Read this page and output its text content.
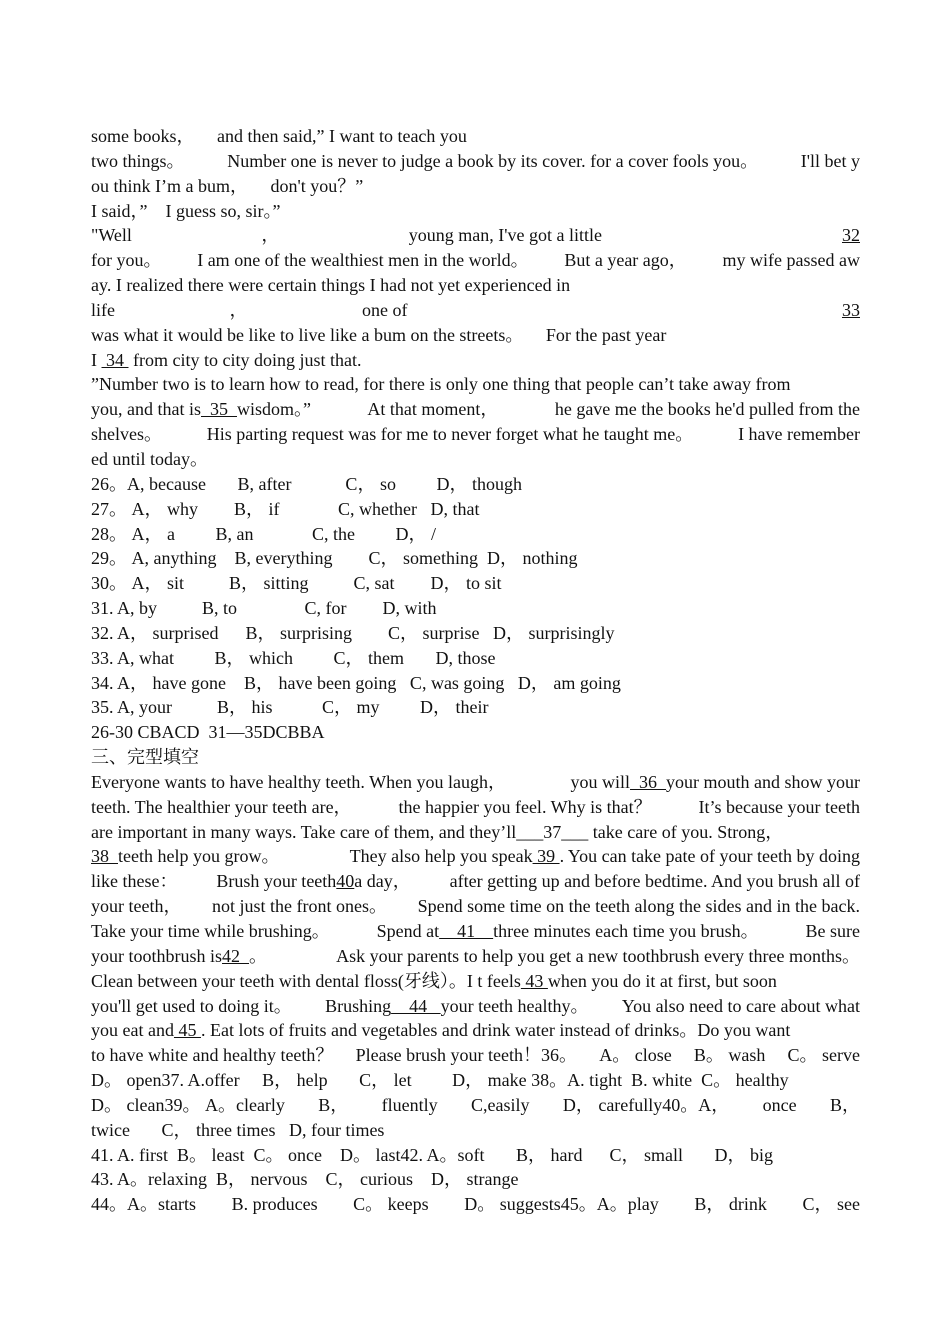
some books，     and then said,” I want to teach you
two things。 Number one is never to judge a book by its cover. for a cover fools you。 I'll bet y
ou think I’m a bum，     don't you？”
I said，”    I guess so, sir。”
"Well	，	young man, I've got a little	32
for you。 I am one of the wealthiest men in the world。 But a year ago， my wife passed aw
ay. I realized there were certain things I had not yet experienced in
life	，	one of	33
was what it would be like to live like a bum on the streets。     For the past year
I  34  from city to city doing just that.
”Number two is to learn how to read, for there is only one thing that people can’t take away from
you, and that is  35  wisdom。”	At that moment，	he gave me the books he'd pulled from the
shelves。 His parting request was for me to never forget what he taught me。 I have remember
ed until today。
26。A, because       B, after            C， so         D， though
27。 A， why        B， if             C, whether   D, that
28。 A， a         B, an             C, the         D， /
29。 A, anything    B, everything        C， something  D， nothing
30。 A， sit          B， sitting          C, sat        D， to sit
31. A, by          B, to               C, for        D, with
32. A， surprised      B， surprising        C， surprise   D， surprisingly
33. A, what         B， which         C， them       D, those
34. A， have gone    B， have been going   C, was going   D， am going
35. A, your          B， his           C， my         D， their
26-30 CBACD  31—35DCBBA
三、完型填空
Everyone wants to have healthy teeth. When you laugh，	you will  36  your mouth and show your
teeth. The healthier your teeth are，	the happier you feel. Why is that？	It’s because your teeth
are important in many ways. Take care of them, and they’ll___37___ take care of you. Strong，
38  teeth help you grow。	They also help you speak 39 . You can take pate of your teeth by doing
like these： Brush your teeth40a day， after getting up and before bedtime. And you brush all of
your teeth， not just the front ones。 Spend some time on the teeth along the sides and in the back.
Take your time while brushing。	Spend at    41    three minutes each time you brush。	Be sure
your toothbrush is42  。	Ask your parents to help you get a new toothbrush every three months。
Clean between your teeth with dental floss(牙线）。I t feels 43 when you do it at first, but soon
you'll get used to doing it。 Brushing    44   your teeth healthy。 You also need to care about what
you eat and 45 . Eat lots of fruits and vegetables and drink water instead of drinks。Do you want
to have white and healthy teeth？ Please brush your teeth！36。 A。 close B。 wash C。 serve
D。 open37. A.offer     B， help       C， let         D， make 38。A. tight  B. white  C。 healthy
D。 clean39。 A。clearly B， fluently C,easily D， carefully40。A， once B，
twice       C， three times   D, four times
41. A. first  B。 least  C。 once    D。 last42. A。soft       B， hard      C， small       D， big
43. A。relaxing  B， nervous    C， curious    D， strange
44。A。starts B. produces C。 keeps D。 suggests45。A。play B， drink C， see
